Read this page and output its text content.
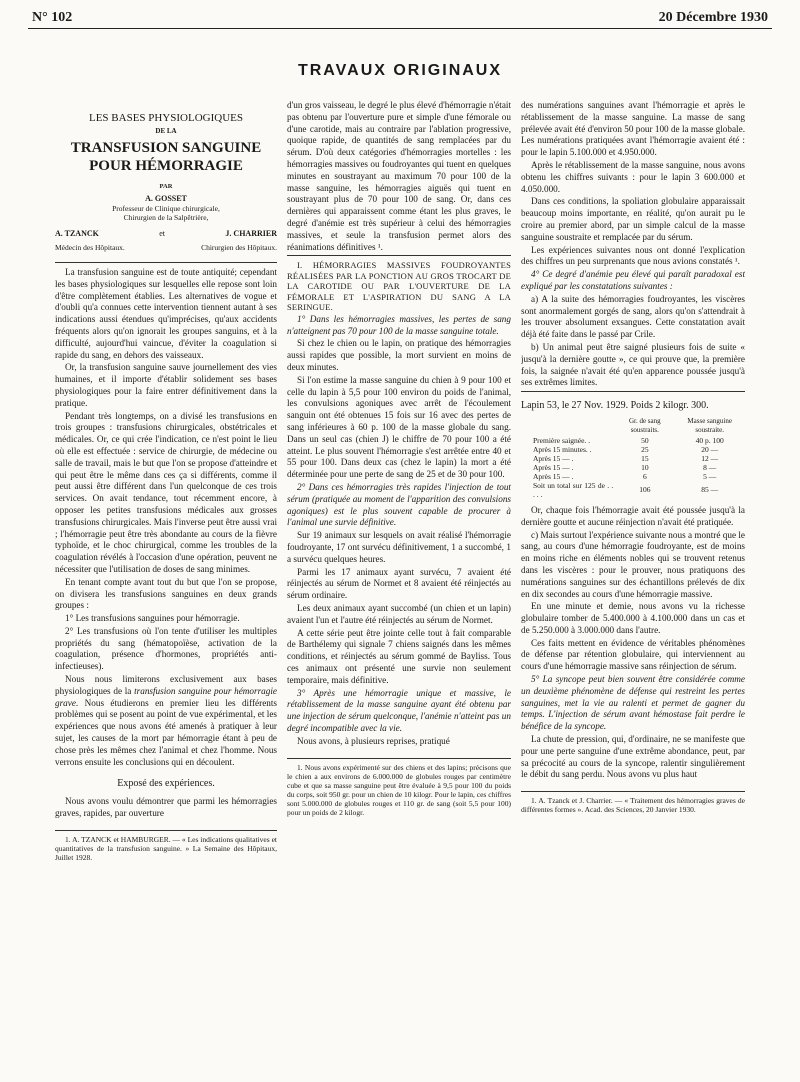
N° 102	20 Décembre 1930
TRAVAUX ORIGINAUX
LES BASES PHYSIOLOGIQUES
DE LA
TRANSFUSION SANGUINE
POUR HÉMORRAGIE
PAR
A. GOSSET
Professeur de Clinique chirurgicale,
Chirurgien de la Salpêtrière,
A. TZANCK	et	J. CHARRIER
Médecin des Hôpitaux.	Chirurgien des Hôpitaux.

La transfusion sanguine est de toute antiquité; cependant les bases physiologiques sur lesquelles elle repose sont loin d'être complètement établies. Les alternatives de vogue et d'oubli qu'a connues cette intervention tiennent autant à ses indications aussi étendues qu'imprécises, qu'aux accidents fréquents alors qu'on ignorait les groupes sanguins, et à la difficulté, aujourd'hui vaincue, d'éviter la coagulation si rapide du sang, en dehors des vaisseaux.

Or, la transfusion sanguine sauve journellement des vies humaines, et il importe d'établir solidement ses bases physiologiques pour la faire entrer définitivement dans la pratique.

Pendant très longtemps, on a divisé les transfusions en trois groupes : transfusions chirurgicales, obstétricales et médicales. Or, ce qui crée l'indication, ce n'est point le lieu où elle est effectuée : service de chirurgie, de médecine ou salle de travail, mais le but que l'on se propose d'atteindre et qui peut être le même dans ces ça si différents, comme il peut aussi être différent dans l'un quelconque de ces trois services. On avait tendance, tout récemment encore, à opposer les petites transfusions médicales aux grosses transfusions chirurgicales. Mais l'inverse peut être aussi vrai ; l'hémorragie peut être très abondante au cours de la fièvre typhoïde, et le choc chirurgical, comme les troubles de la coagulation révélés à l'occasion d'une opération, peuvent ne nécessiter que l'utilisation de doses de sang minimes.

En tenant compte avant tout du but que l'on se propose, on divisera les transfusions sanguines en deux grands groupes :

1° Les transfusions sanguines pour hémorragie.

2° Les transfusions où l'on tente d'utiliser les multiples propriétés du sang (hématopoïèse, activation de la coagulation, présence d'hormones, propriétés anti-infectieuses).

Nous nous limiterons exclusivement aux bases physiologiques de la transfusion sanguine pour hémorragie grave. Nous étudierons en premier lieu les différents problèmes qui se posent au point de vue expérimental, et les expériences que nous avons été amenés à pratiquer à leur sujet, les causes de la mort par hémorragie étant à peu de chose près les mêmes chez l'animal et chez l'homme. Nous verrons ensuite les conclusions qui en découlent.

Exposé des expériences.

Nous avons voulu démontrer que parmi les hémorragies graves, rapides, par ouverture

1. A. TZANCK et HAMBURGER. — « Les indications qualitatives et quantitatives de la transfusion sanguine. » La Semaine des Hôpitaux, Juillet 1928.

d'un gros vaisseau, le degré le plus élevé d'hémorragie n'était pas obtenu par l'ouverture pure et simple d'une fémorale ou d'une carotide, mais au contraire par l'ablation progressive, quoique rapide, de quantités de sang remplacées par du sérum. D'où deux catégories d'hémorragies mortelles : les hémorragies massives ou foudroyantes qui tuent en quelques minutes en soustrayant au maximum 70 pour 100 de la masse sanguine, les hémorragies aiguës qui tuent en soustrayant plus de 70 pour 100 de sang. Or, dans ces dernières qui apparaissent comme étant les plus graves, le degré d'anémie est très supérieur à celui des hémorragies massives, et seule la transfusion permet alors des réanimations définitives ¹.

I. HÉMORRAGIES MASSIVES FOUDROYANTES RÉALISÉES PAR LA PONCTION AU GROS TROCART DE LA CAROTIDE OU PAR L'OUVERTURE DE LA FÉMORALE ET L'ASPIRATION DU SANG A LA SERINGUE.

1° Dans les hémorragies massives, les pertes de sang n'atteignent pas 70 pour 100 de la masse sanguine totale.

Si chez le chien ou le lapin, on pratique des hémorragies aussi rapides que possible, la mort survient en moins de deux minutes.

Si l'on estime la masse sanguine du chien à 9 pour 100 et celle du lapin à 5,5 pour 100 environ du poids de l'animal, les convulsions agoniques avec arrêt de l'écoulement sanguin ont été obtenues 15 fois sur 16 avec des pertes de sang inférieures à 60 p. 100 de la masse globale du sang. Dans un seul cas (chien J) le chiffre de 70 pour 100 a été atteint. Le plus souvent l'hémorragie s'est arrêtée entre 40 et 55 pour 100. Dans deux cas (chez le lapin) la mort a été déterminée pour une perte de sang de 25 et de 30 pour 100.

2° Dans ces hémorragies très rapides l'injection de tout sérum (pratiquée au moment de l'apparition des convulsions agoniques) est le plus souvent capable de procurer à l'animal une survie définitive.

Sur 19 animaux sur lesquels on avait réalisé l'hémorragie foudroyante, 17 ont survécu définitivement, 1 a succombé, 1 a survécu quelques heures.

Parmi les 17 animaux ayant survécu, 7 avaient été réinjectés au sérum de Normet et 8 avaient été réinjectés au sérum ordinaire.

Les deux animaux ayant succombé (un chien et un lapin) avaient l'un et l'autre été réinjectés au sérum de Normet.

A cette série peut être jointe celle tout à fait comparable de Barthélemy qui signale 7 chiens saignés dans les mêmes conditions, et réinjectés au sérum gommé de Bayliss. Tous ces animaux ont présenté une survie non seulement temporaire, mais définitive.

3° Après une hémorragie unique et massive, le rétablissement de la masse sanguine ayant été obtenu par une injection de sérum quelconque, l'anémie n'atteint pas un degré incompatible avec la vie.

Nous avons, à plusieurs reprises, pratiqué

1. Nous avons expérimenté sur des chiens et des lapins; précisons que le chien a aux environs de 6.000.000 de globules rouges par centimètre cube et que sa masse sanguine peut être évaluée à 9,5 pour 100 du poids du corps, soit 950 gr. pour un chien de 10 kilogr. Pour le lapin, ces chiffres sont 5.000.000 de globules rouges et 110 gr. de sang (soit 5,5 pour 100) pour un poids de 2 kilogr.

des numérations sanguines avant l'hémorragie et après le rétablissement de la masse sanguine. La masse de sang prélevée avait été d'environ 50 pour 100 de la masse globale. Les numérations pratiquées avant l'hémorragie avaient été : pour le lapin 5.100.000 et 4.950.000.

Après le rétablissement de la masse sanguine, nous avons obtenu les chiffres suivants : pour le lapin 3 600.000 et 4.050.000.

Dans ces conditions, la spoliation globulaire apparaissait beaucoup moins importante, en réalité, qu'on aurait pu le croire au premier abord, par un simple calcul de la masse sanguine soustraite et remplacée par du sérum.

Les expériences suivantes nous ont donné l'explication des chiffres un peu surprenants que nous avions constatés ¹.

4° Ce degré d'anémie peu élevé qui paraît paradoxal est expliqué par les constatations suivantes :

a) A la suite des hémorragies foudroyantes, les viscères sont anormalement gorgés de sang, alors qu'on s'attendrait à les trouver absolument exsangues. Cette constatation avait déjà été faite dans le passé par Crile.

b) Un animal peut être saigné plusieurs fois de suite « jusqu'à la dernière goutte », ce qui prouve que, la première fois, la saignée n'avait été qu'en apparence poussée jusqu'à ses extrêmes limites.

Lapin 53, le 27 Nov. 1929. Poids 2 kilogr. 300.
	Gr. de sang soustraits.	Masse sanguine soustraite.
Première saignée. .	50	40 p. 100
Après 15 minutes. .	25	20 —
Après 15 — .	15	12 —
Après 15 — .	10	8 —
Après 15 — .	6	5 —
Soit un total sur 125 de . . . . .	106	85 —

Or, chaque fois l'hémorragie avait été poussée jusqu'à la dernière goutte et aucune réinjection n'avait été pratiquée.

c) Mais surtout l'expérience suivante nous a montré que le sang, au cours d'une hémorragie foudroyante, est de moins en moins riche en éléments nobles qui se trouvent retenus dans les viscères : pour le prouver, nous pratiquons des numérations sanguines sur des échantillons prélevés de dix en dix secondes au cours d'une hémorragie massive.

En une minute et demie, nous avons vu la richesse globulaire tomber de 5.400.000 à 4.100.000 dans un cas et de 5.250.000 à 3.000.000 dans l'autre.

Ces faits mettent en évidence de véritables phénomènes de défense par rétention globulaire, qui interviennent au cours d'une hémorragie massive sans réinjection de sérum.

5° La syncope peut bien souvent être considérée comme un deuxième phénomène de défense qui restreint les pertes sanguines, met la vie au ralenti et permet de gagner du temps. L'injection de sérum avant hémostase fait perdre le bénéfice de la syncope.

La chute de pression, qui, d'ordinaire, ne se manifeste que pour une perte sanguine d'une extrême abondance, peut, par sa précocité au cours de la syncope, ralentir singulièrement le débit du sang perdu. Nous avons vu plus haut

1. A. Tzanck et J. Charrier. — « Traitement des hémorragies graves de différentes formes ». Acad. des Sciences, 20 Janvier 1930.
